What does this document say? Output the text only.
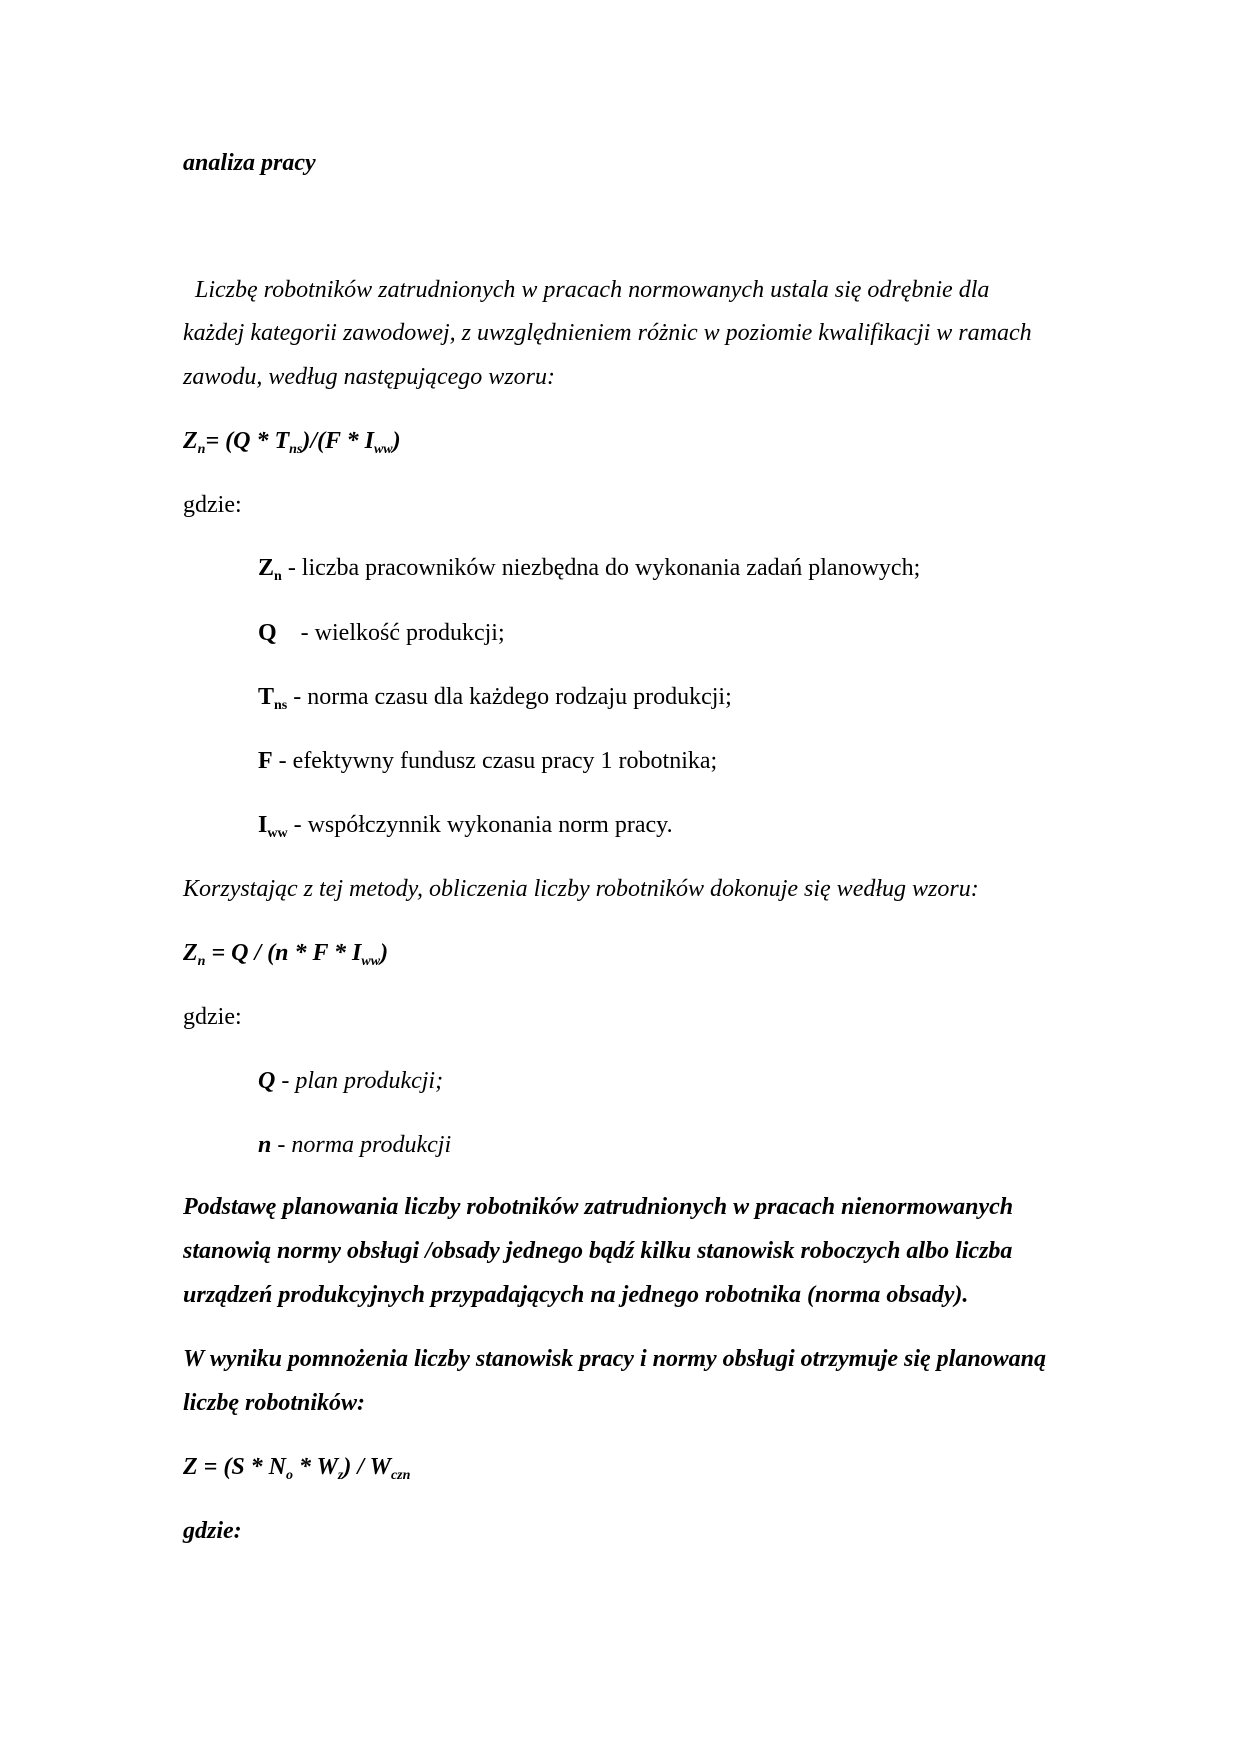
analiza pracy
Liczbę robotników zatrudnionych w pracach normowanych ustala się odrębnie dla
każdej kategorii zawodowej, z uwzględnieniem różnic w poziomie kwalifikacji w ramach
zawodu, według następującego wzoru:
$Z_n= (Q * T_{ns})/(F * I_{ww})$
gdzie:
$Z_n$ - liczba pracowników niezbędna do wykonania zadań planowych;
Q    - wielkość produkcji;
$T_{ns}$ - norma czasu dla każdego rodzaju produkcji;
F - efektywny fundusz czasu pracy 1 robotnika;
$I_{ww}$ - współczynnik wykonania norm pracy.
Korzystając z tej metody, obliczenia liczby robotników dokonuje się według wzoru:
$Z_n = Q / (n * F * I_{ww})$
gdzie:
Q - plan produkcji;
n - norma produkcji
Podstawę planowania liczby robotników zatrudnionych w pracach nienormowanych
stanowią normy obsługi /obsady jednego bądź kilku stanowisk roboczych albo liczba
urządzeń produkcyjnych przypadających na jednego robotnika (norma obsady).
W wyniku pomnożenia liczby stanowisk pracy i normy obsługi otrzymuje się planowaną
liczbę robotników:
$Z = (S * N_o * W_z) / W_{czn}$
gdzie:
